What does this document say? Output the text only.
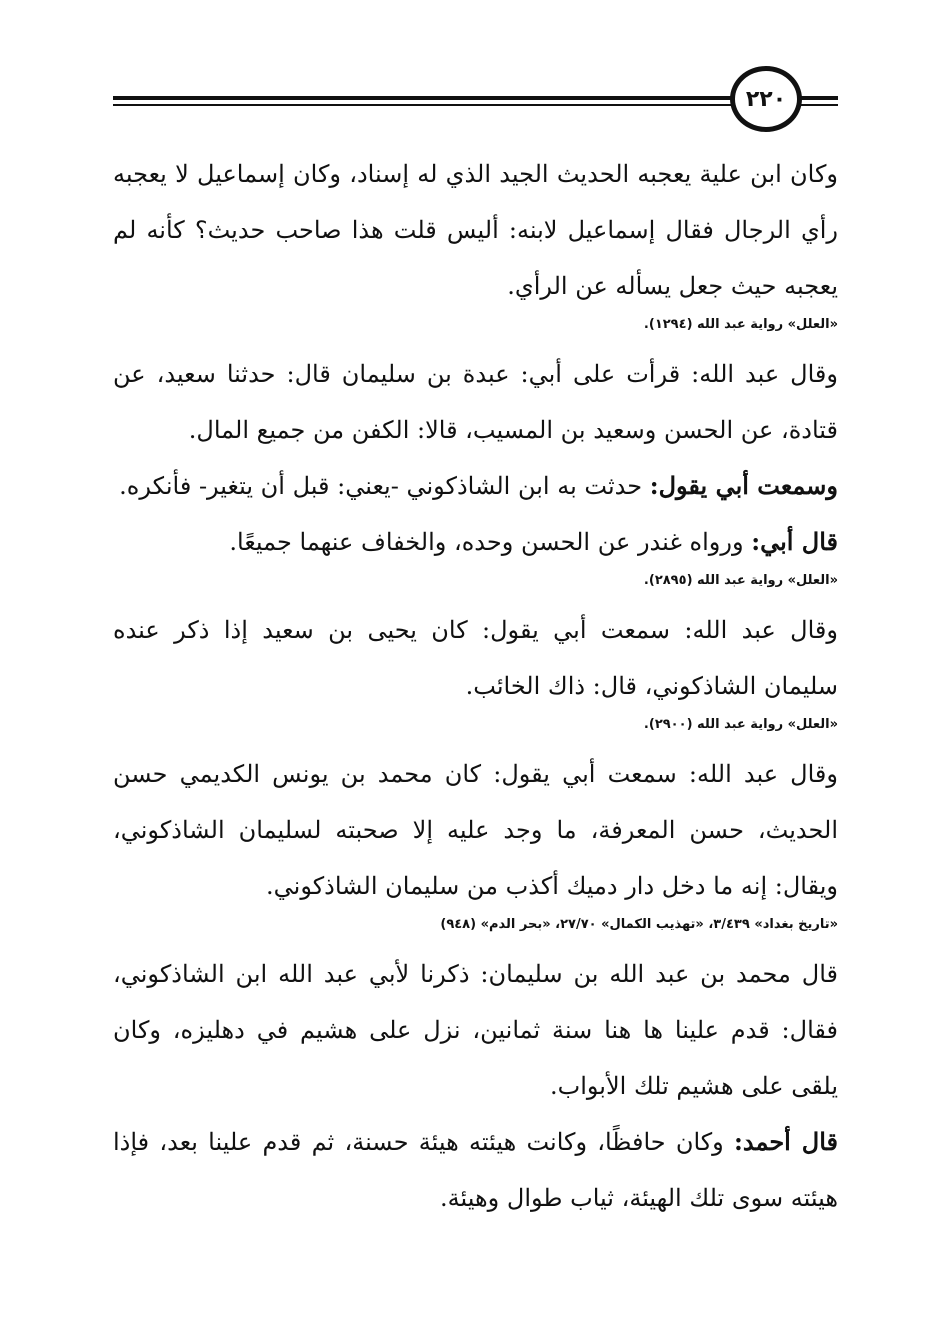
٢٢٠

وكان ابن علية يعجبه الحديث الجيد الذي له إسناد، وكان إسماعيل لا يعجبه رأي الرجال فقال إسماعيل لابنه: أليس قلت هذا صاحب حديث؟ كأنه لم يعجبه حيث جعل يسأله عن الرأي.

«العلل» رواية عبد الله (١٢٩٤).

وقال عبد الله: قرأت على أبي: عبدة بن سليمان قال: حدثنا سعيد، عن قتادة، عن الحسن وسعيد بن المسيب، قالا: الكفن من جميع المال.

وسمعت أبي يقول: حدثت به ابن الشاذكوني -يعني: قبل أن يتغير- فأنكره.

قال أبي: ورواه غندر عن الحسن وحده، والخفاف عنهما جميعًا.

«العلل» رواية عبد الله (٢٨٩٥).

وقال عبد الله: سمعت أبي يقول: كان يحيى بن سعيد إذا ذكر عنده سليمان الشاذكوني، قال: ذاك الخائب.

«العلل» رواية عبد الله (٢٩٠٠).

وقال عبد الله: سمعت أبي يقول: كان محمد بن يونس الكديمي حسن الحديث، حسن المعرفة، ما وجد عليه إلا صحبته لسليمان الشاذكوني، ويقال: إنه ما دخل دار دميك أكذب من سليمان الشاذكوني.

«تاريخ بغداد» ٣/٤٣٩، «تهذيب الكمال» ٢٧/٧٠، «بحر الدم» (٩٤٨)

قال محمد بن عبد الله بن سليمان: ذكرنا لأبي عبد الله ابن الشاذكوني، فقال: قدم علينا ها هنا سنة ثمانين، نزل على هشيم في دهليزه، وكان يلقى على هشيم تلك الأبواب.

قال أحمد: وكان حافظًا، وكانت هيئته هيئة حسنة، ثم قدم علينا بعد، فإذا هيئته سوى تلك الهيئة، ثياب طوال وهيئة.
